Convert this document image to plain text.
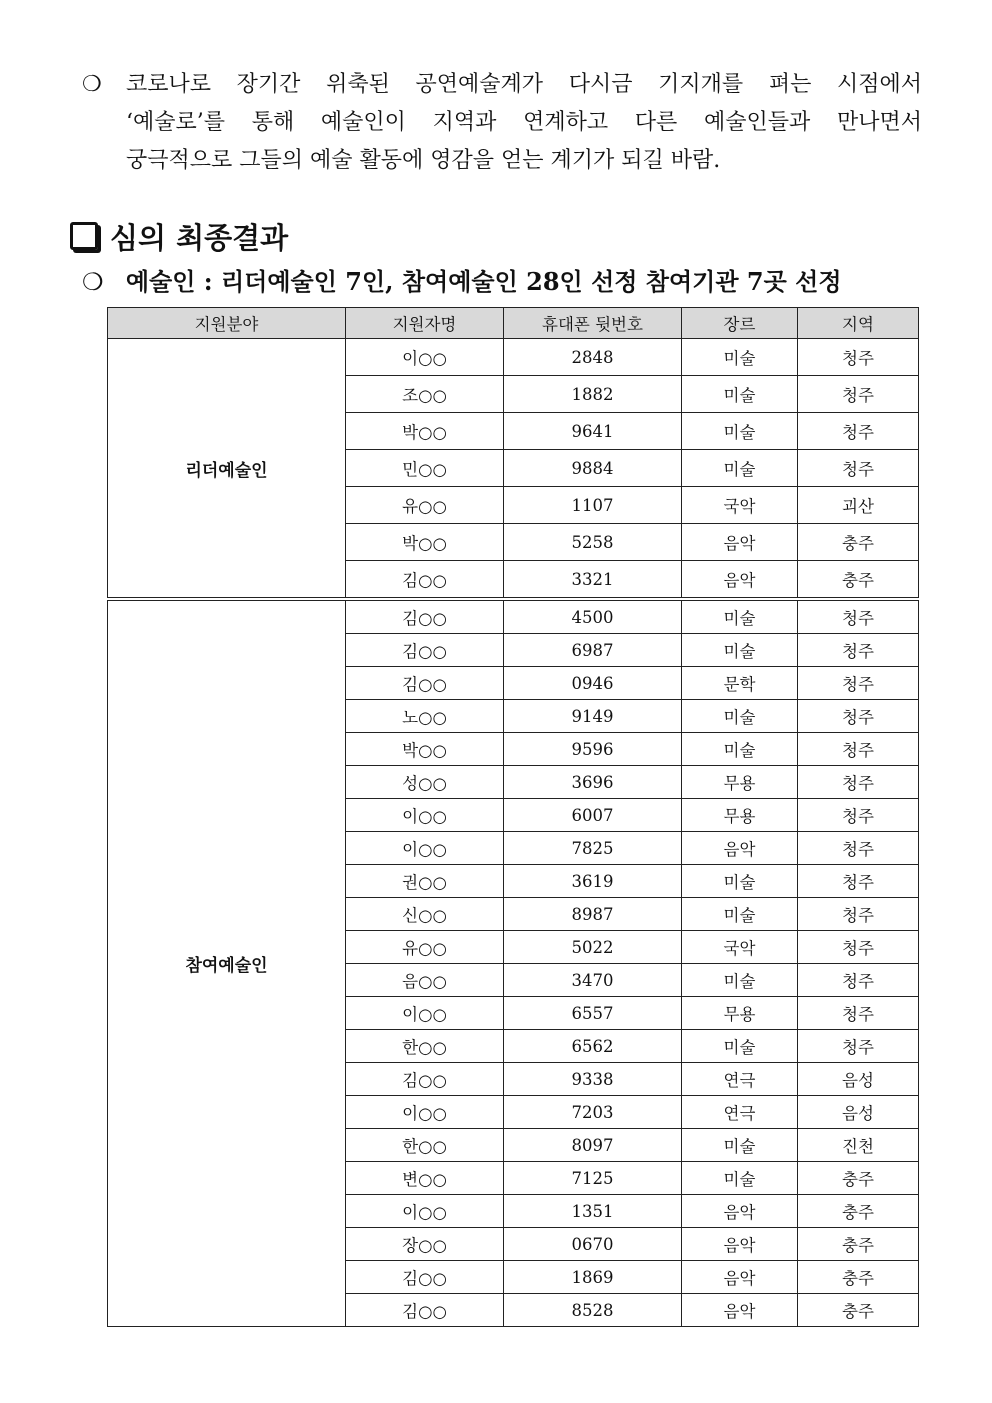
❍ 코로나로 장기간 위축된 공연예술계가 다시금 기지개를 펴는 시점에서
‘예술로’를 통해 예술인이 지역과 연계하고 다른 예술인들과 만나면서
궁극적으로 그들의 예술 활동에 영감을 얻는 계기가 되길 바람.
심의 최종결과
❍ 예술인 : 리더예술인 7인, 참여예술인 28인 선정 참여기관 7곳 선정
지원분야	지원자명	휴대폰 뒷번호	장르	지역
리더예술인	이○○	2848	미술	청주
	조○○	1882	미술	청주
	박○○	9641	미술	청주
	민○○	9884	미술	청주
	유○○	1107	국악	괴산
	박○○	5258	음악	충주
	김○○	3321	음악	충주
참여예술인	김○○	4500	미술	청주
	김○○	6987	미술	청주
	김○○	0946	문학	청주
	노○○	9149	미술	청주
	박○○	9596	미술	청주
	성○○	3696	무용	청주
	이○○	6007	무용	청주
	이○○	7825	음악	청주
	권○○	3619	미술	청주
	신○○	8987	미술	청주
	유○○	5022	국악	청주
	음○○	3470	미술	청주
	이○○	6557	무용	청주
	한○○	6562	미술	청주
	김○○	9338	연극	음성
	이○○	7203	연극	음성
	한○○	8097	미술	진천
	변○○	7125	미술	충주
	이○○	1351	음악	충주
	장○○	0670	음악	충주
	김○○	1869	음악	충주
	김○○	8528	음악	충주
